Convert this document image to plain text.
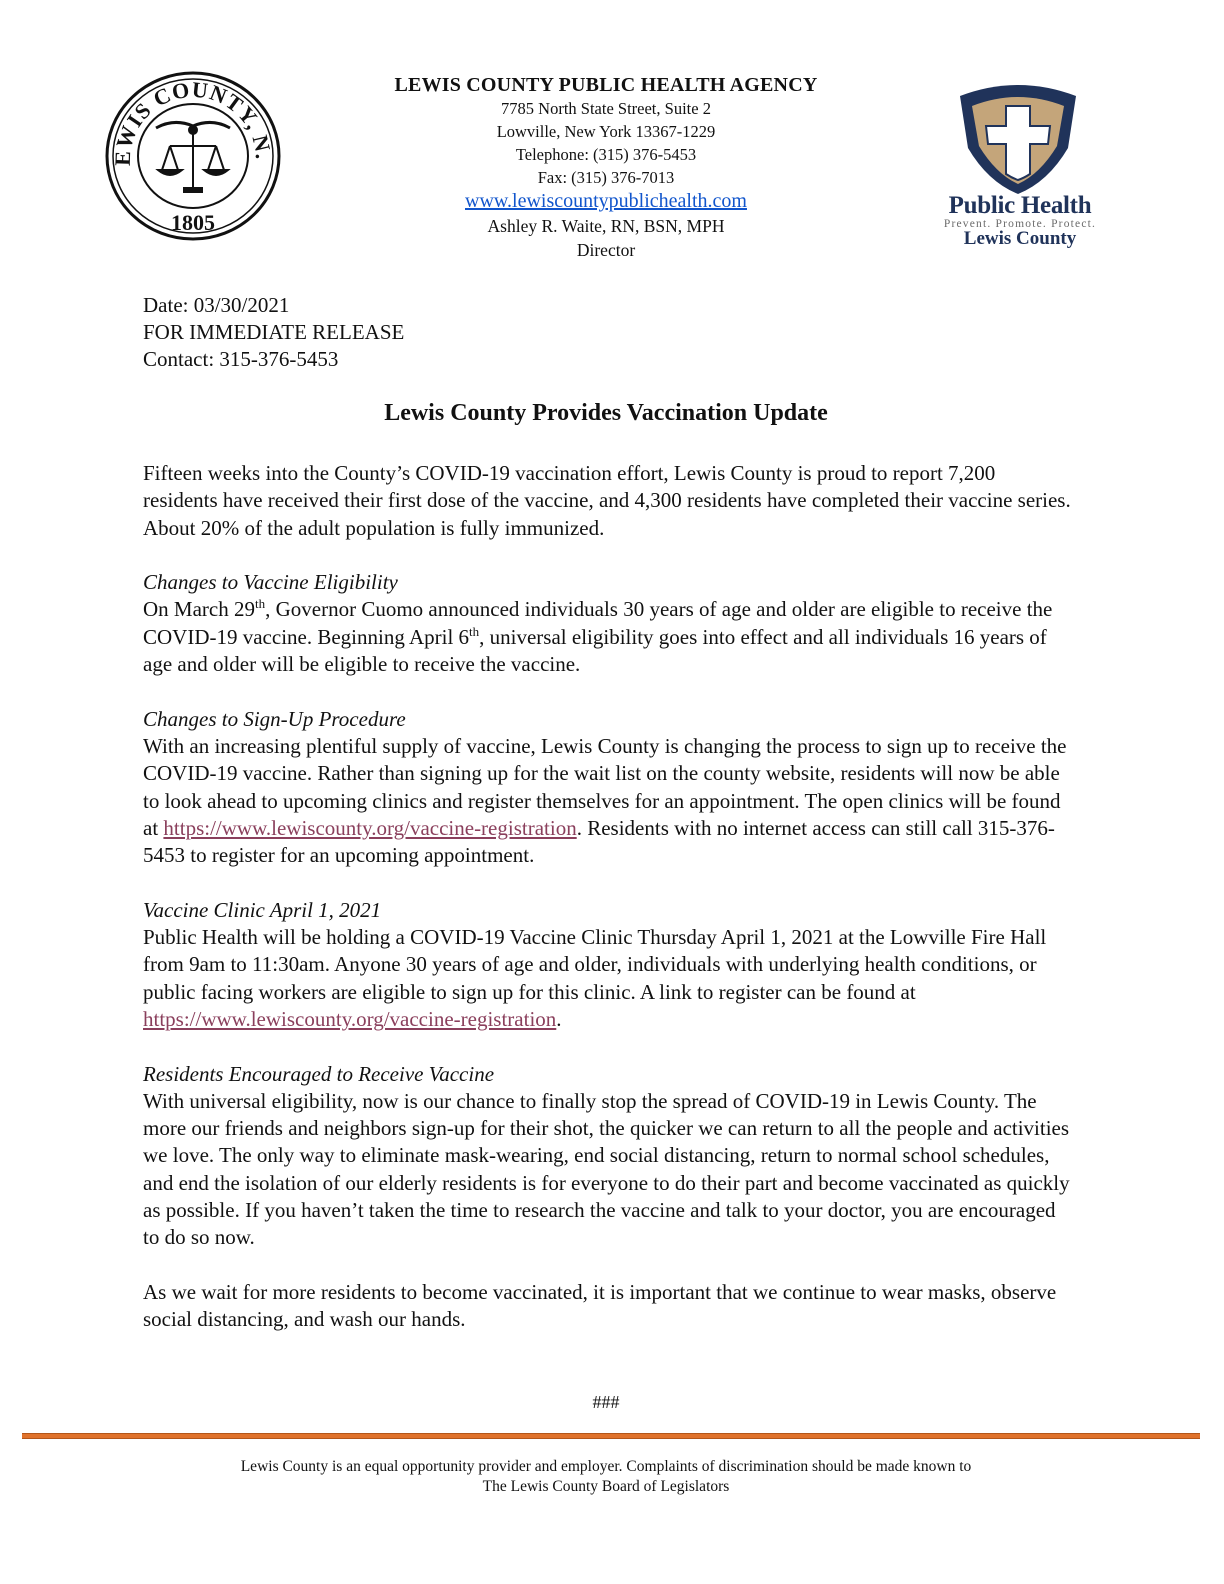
EWIS COUNTY, N.
1805
LEWIS COUNTY PUBLIC HEALTH AGENCY
7785 North State Street, Suite 2
Lowville, New York 13367-1229
Telephone: (315) 376-5453
Fax: (315) 376-7013
www.lewiscountypublichealth.com
Ashley R. Waite, RN, BSN, MPH
Director
Public Health
Prevent. Promote. Protect.
Lewis County
Date: 03/30/2021
FOR IMMEDIATE RELEASE
Contact: 315-376-5453
Lewis County Provides Vaccination Update

Fifteen weeks into the County’s COVID-19 vaccination effort, Lewis County is proud to report 7,200 residents have received their first dose of the vaccine, and 4,300 residents have completed their vaccine series. About 20% of the adult population is fully immunized.

Changes to Vaccine Eligibility
On March 29th, Governor Cuomo announced individuals 30 years of age and older are eligible to receive the COVID-19 vaccine. Beginning April 6th, universal eligibility goes into effect and all individuals 16 years of age and older will be eligible to receive the vaccine.

Changes to Sign-Up Procedure
With an increasing plentiful supply of vaccine, Lewis County is changing the process to sign up to receive the COVID-19 vaccine. Rather than signing up for the wait list on the county website, residents will now be able to look ahead to upcoming clinics and register themselves for an appointment. The open clinics will be found at https://www.lewiscounty.org/vaccine-registration. Residents with no internet access can still call 315-376-5453 to register for an upcoming appointment.

Vaccine Clinic April 1, 2021
Public Health will be holding a COVID-19 Vaccine Clinic Thursday April 1, 2021 at the Lowville Fire Hall from 9am to 11:30am. Anyone 30 years of age and older, individuals with underlying health conditions, or public facing workers are eligible to sign up for this clinic. A link to register can be found at https://www.lewiscounty.org/vaccine-registration.

Residents Encouraged to Receive Vaccine
With universal eligibility, now is our chance to finally stop the spread of COVID-19 in Lewis County. The more our friends and neighbors sign-up for their shot, the quicker we can return to all the people and activities we love. The only way to eliminate mask-wearing, end social distancing, return to normal school schedules, and end the isolation of our elderly residents is for everyone to do their part and become vaccinated as quickly as possible. If you haven’t taken the time to research the vaccine and talk to your doctor, you are encouraged to do so now.

As we wait for more residents to become vaccinated, it is important that we continue to wear masks, observe social distancing, and wash our hands.

###
Lewis County is an equal opportunity provider and employer. Complaints of discrimination should be made known to
The Lewis County Board of Legislators
